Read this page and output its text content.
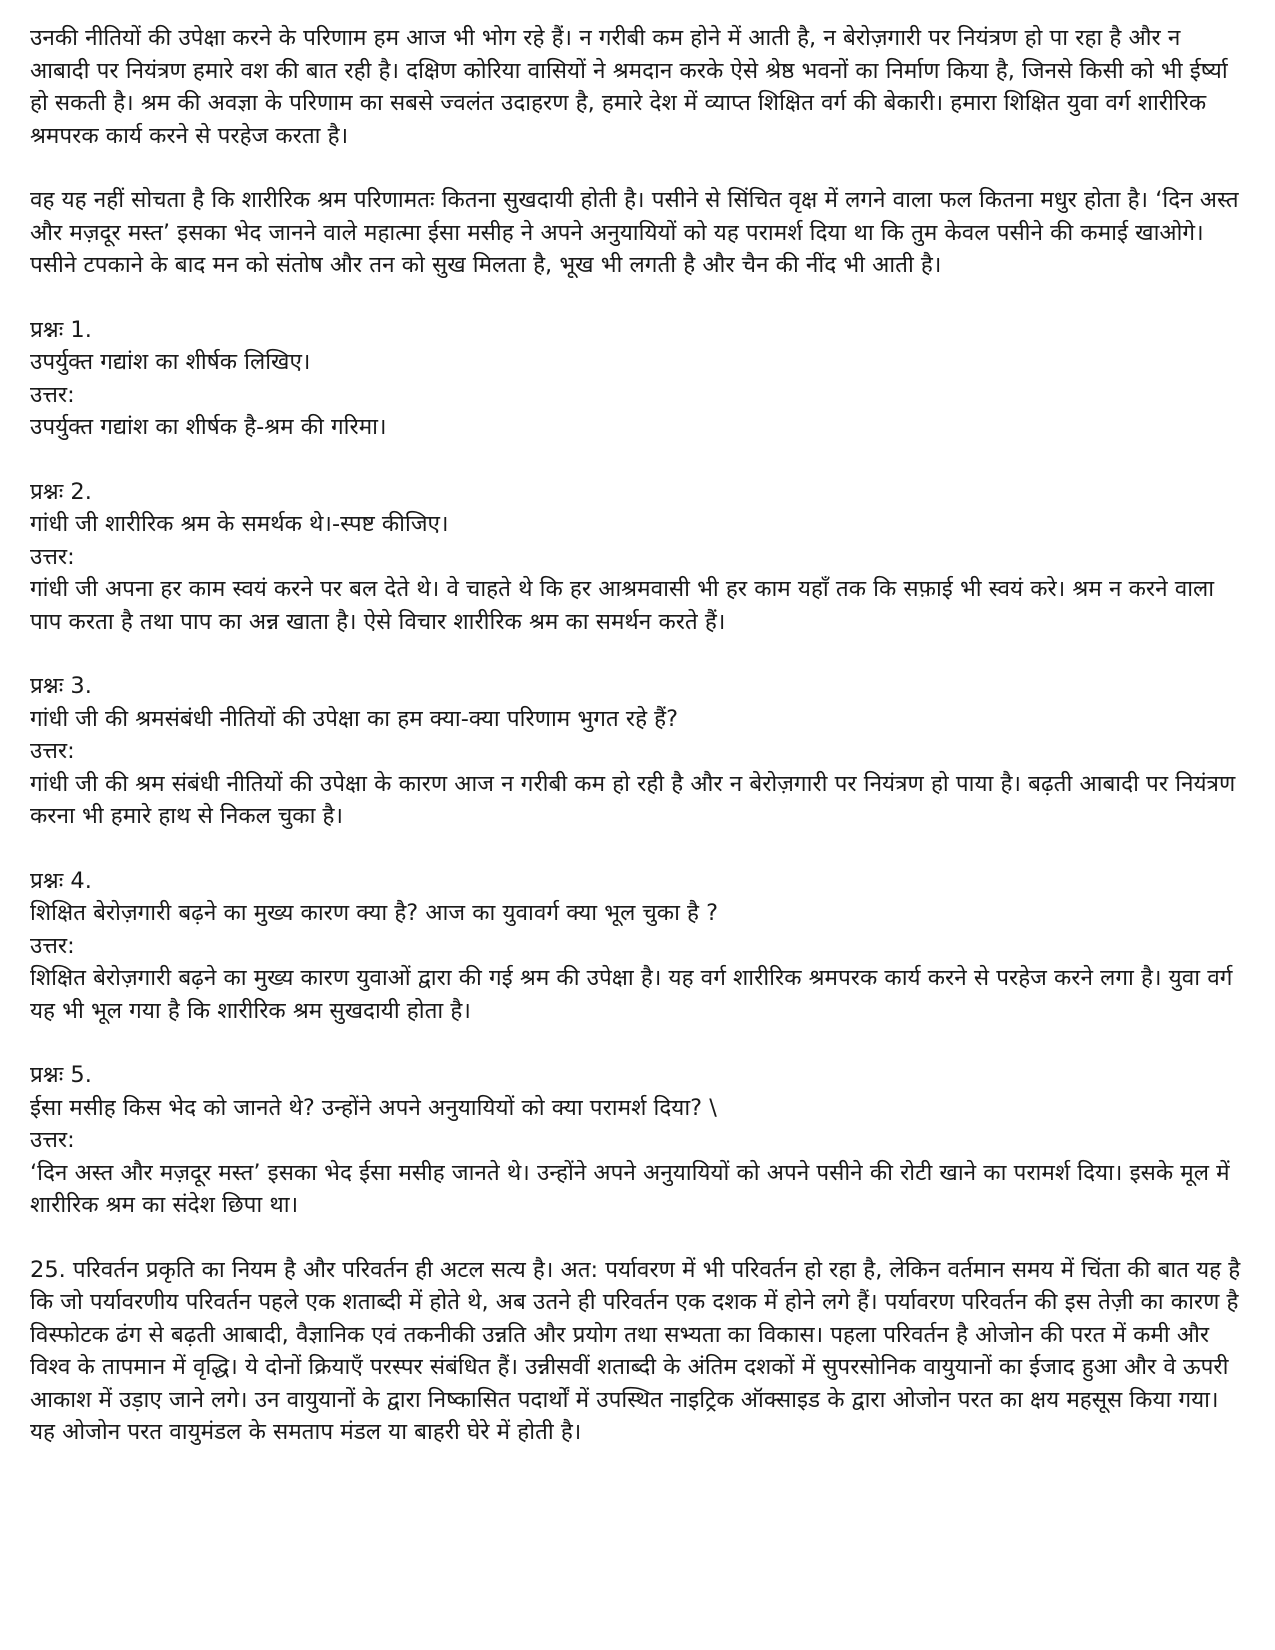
उनकी नीतियों की उपेक्षा करने के परिणाम हम आज भी भोग रहे हैं। न गरीबी कम होने में आती है, न बेरोज़गारी पर नियंत्रण हो पा रहा है और न आबादी पर नियंत्रण हमारे वश की बात रही है। दक्षिण कोरिया वासियों ने श्रमदान करके ऐसे श्रेष्ठ भवनों का निर्माण किया है, जिनसे किसी को भी ईर्ष्या हो सकती है। श्रम की अवज्ञा के परिणाम का सबसे ज्वलंत उदाहरण है, हमारे देश में व्याप्त शिक्षित वर्ग की बेकारी। हमारा शिक्षित युवा वर्ग शारीरिक श्रमपरक कार्य करने से परहेज करता है।

वह यह नहीं सोचता है कि शारीरिक श्रम परिणामतः कितना सुखदायी होती है। पसीने से सिंचित वृक्ष में लगने वाला फल कितना मधुर होता है। ‘दिन अस्त और मज़दूर मस्त’ इसका भेद जानने वाले महात्मा ईसा मसीह ने अपने अनुयायियों को यह परामर्श दिया था कि तुम केवल पसीने की कमाई खाओगे। पसीने टपकाने के बाद मन को संतोष और तन को सुख मिलता है, भूख भी लगती है और चैन की नींद भी आती है।

प्रश्नः 1.
उपर्युक्त गद्यांश का शीर्षक लिखिए।
उत्तर:
उपर्युक्त गद्यांश का शीर्षक है-श्रम की गरिमा।
प्रश्नः 2.
गांधी जी शारीरिक श्रम के समर्थक थे।-स्पष्ट कीजिए।
उत्तर:
गांधी जी अपना हर काम स्वयं करने पर बल देते थे। वे चाहते थे कि हर आश्रमवासी भी हर काम यहाँ तक कि सफ़ाई भी स्वयं करे। श्रम न करने वाला पाप करता है तथा पाप का अन्न खाता है। ऐसे विचार शारीरिक श्रम का समर्थन करते हैं।
प्रश्नः 3.
गांधी जी की श्रमसंबंधी नीतियों की उपेक्षा का हम क्या-क्या परिणाम भुगत रहे हैं?
उत्तर:
गांधी जी की श्रम संबंधी नीतियों की उपेक्षा के कारण आज न गरीबी कम हो रही है और न बेरोज़गारी पर नियंत्रण हो पाया है। बढ़ती आबादी पर नियंत्रण करना भी हमारे हाथ से निकल चुका है।
प्रश्नः 4.
शिक्षित बेरोज़गारी बढ़ने का मुख्य कारण क्या है? आज का युवावर्ग क्या भूल चुका है ?
उत्तर:
शिक्षित बेरोज़गारी बढ़ने का मुख्य कारण युवाओं द्वारा की गई श्रम की उपेक्षा है। यह वर्ग शारीरिक श्रमपरक कार्य करने से परहेज करने लगा है। युवा वर्ग यह भी भूल गया है कि शारीरिक श्रम सुखदायी होता है।
प्रश्नः 5.
ईसा मसीह किस भेद को जानते थे? उन्होंने अपने अनुयायियों को क्या परामर्श दिया? \
उत्तर:
‘दिन अस्त और मज़दूर मस्त’ इसका भेद ईसा मसीह जानते थे। उन्होंने अपने अनुयायियों को अपने पसीने की रोटी खाने का परामर्श दिया। इसके मूल में शारीरिक श्रम का संदेश छिपा था।

25. परिवर्तन प्रकृति का नियम है और परिवर्तन ही अटल सत्य है। अत: पर्यावरण में भी परिवर्तन हो रहा है, लेकिन वर्तमान समय में चिंता की बात यह है कि जो पर्यावरणीय परिवर्तन पहले एक शताब्दी में होते थे, अब उतने ही परिवर्तन एक दशक में होने लगे हैं। पर्यावरण परिवर्तन की इस तेज़ी का कारण है विस्फोटक ढंग से बढ़ती आबादी, वैज्ञानिक एवं तकनीकी उन्नति और प्रयोग तथा सभ्यता का विकास। पहला परिवर्तन है ओजोन की परत में कमी और विश्व के तापमान में वृद्धि। ये दोनों क्रियाएँ परस्पर संबंधित हैं। उन्नीसवीं शताब्दी के अंतिम दशकों में सुपरसोनिक वायुयानों का ईजाद हुआ और वे ऊपरी आकाश में उड़ाए जाने लगे। उन वायुयानों के द्वारा निष्कासित पदार्थों में उपस्थित नाइट्रिक ऑक्साइड के द्वारा ओजोन परत का क्षय महसूस किया गया। यह ओजोन परत वायुमंडल के समताप मंडल या बाहरी घेरे में होती है।
